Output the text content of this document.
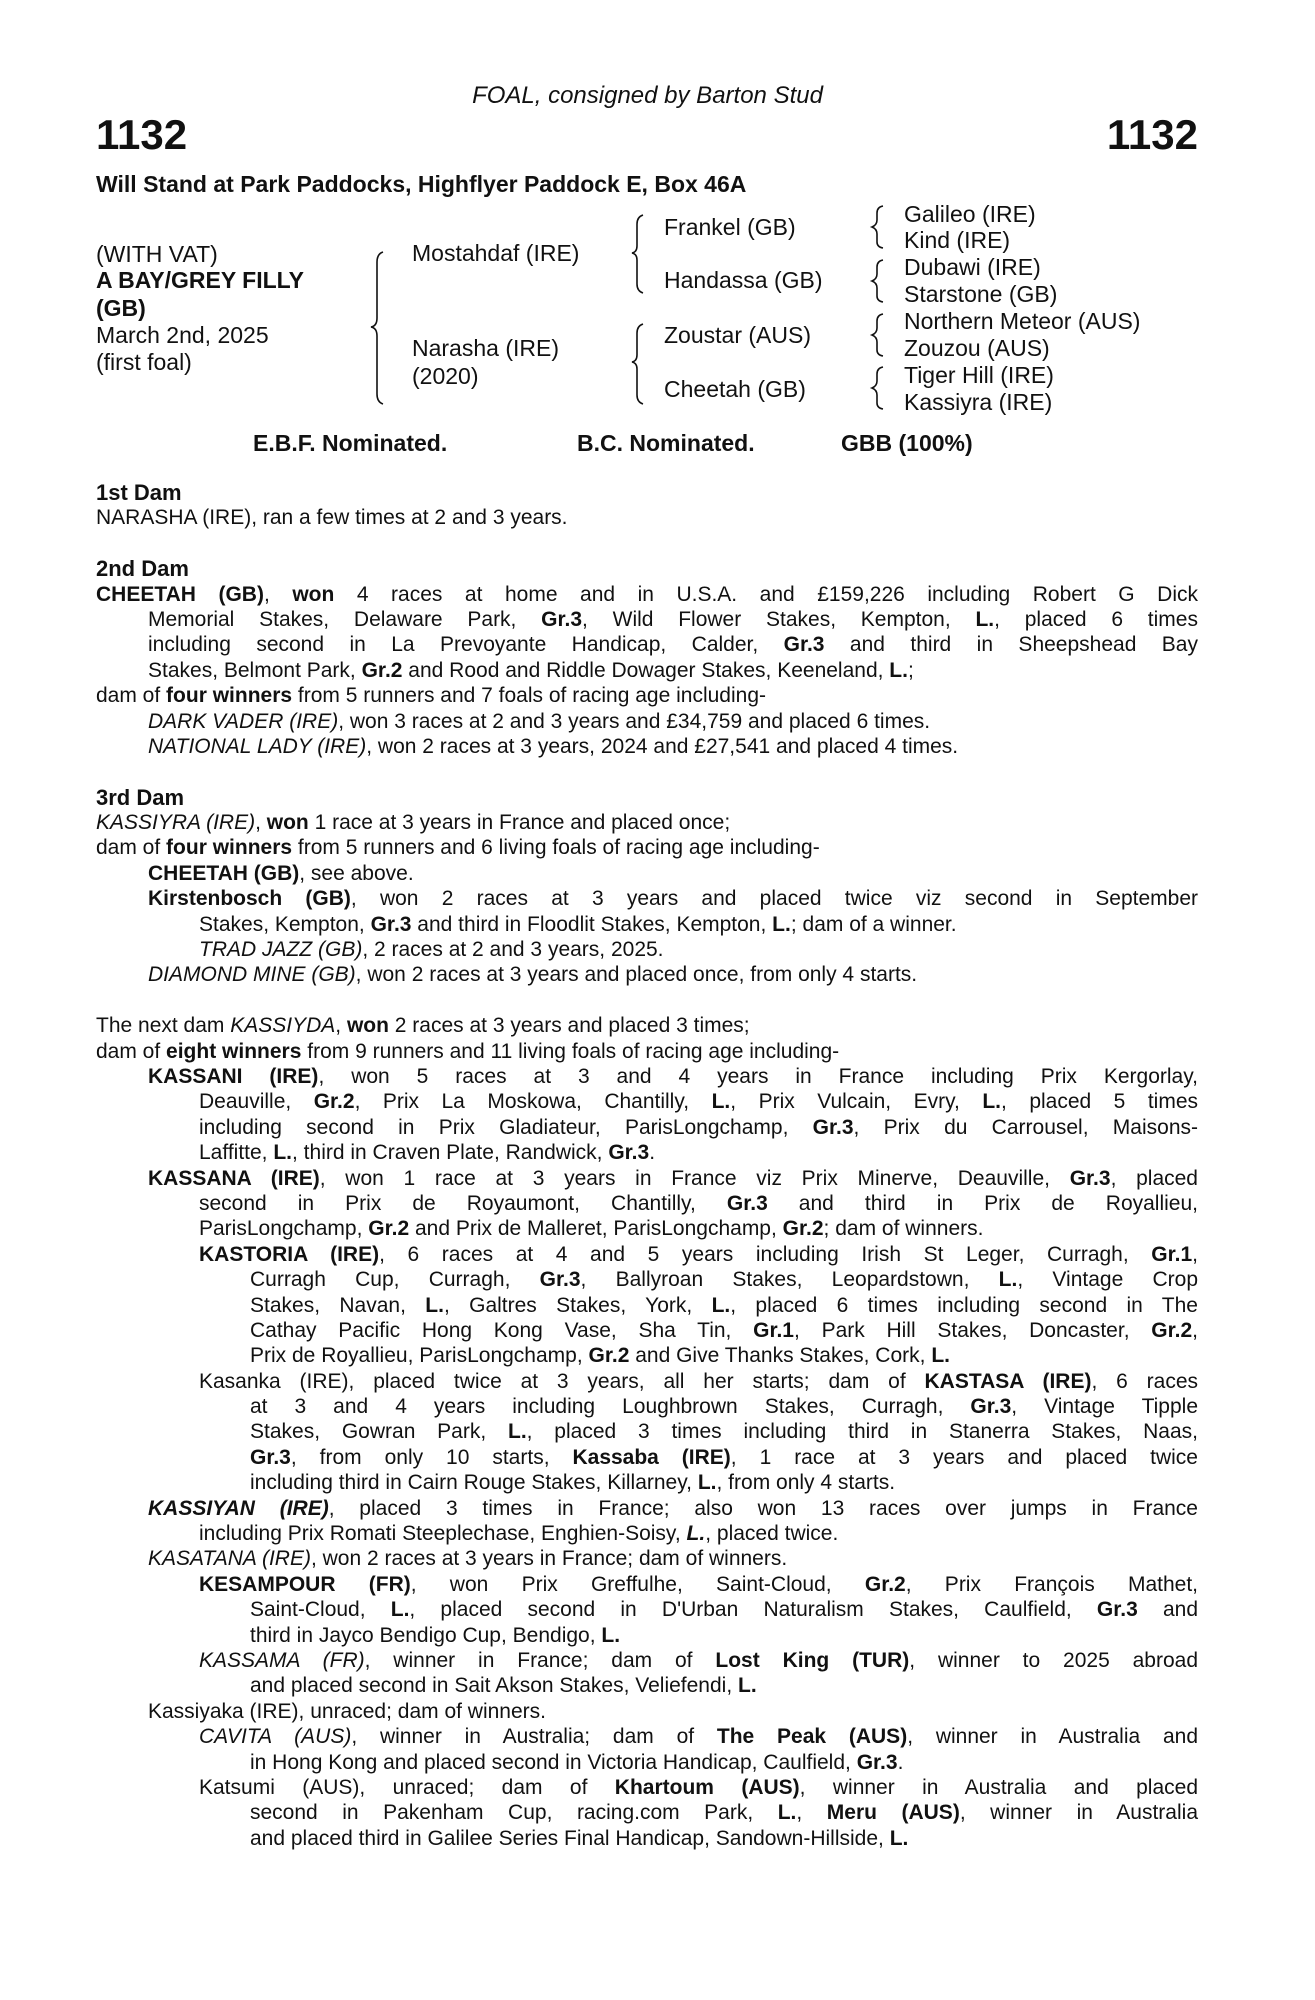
FOAL, consigned by Barton Stud
1132	1132
Will Stand at Park Paddocks, Highflyer Paddock E, Box 46A
(WITH VAT)
A BAY/GREY FILLY
(GB)
March 2nd, 2025
(first foal)
Mostahdaf (IRE)
Narasha (IRE)
(2020)
Frankel (GB)
Handassa (GB)
Zoustar (AUS)
Cheetah (GB)
Galileo (IRE)
Kind (IRE)
Dubawi (IRE)
Starstone (GB)
Northern Meteor (AUS)
Zouzou (AUS)
Tiger Hill (IRE)
Kassiyra (IRE)
E.B.F. Nominated.	B.C. Nominated.	GBB (100%)
1st Dam
NARASHA (IRE), ran a few times at 2 and 3 years.
2nd Dam
CHEETAH (GB), won 4 races at home and in U.S.A. and £159,226 including Robert G Dick
Memorial Stakes, Delaware Park, Gr.3, Wild Flower Stakes, Kempton, L., placed 6 times
including second in La Prevoyante Handicap, Calder, Gr.3 and third in Sheepshead Bay
Stakes, Belmont Park, Gr.2 and Rood and Riddle Dowager Stakes, Keeneland, L.;
dam of four winners from 5 runners and 7 foals of racing age including-
DARK VADER (IRE), won 3 races at 2 and 3 years and £34,759 and placed 6 times.
NATIONAL LADY (IRE), won 2 races at 3 years, 2024 and £27,541 and placed 4 times.
3rd Dam
KASSIYRA (IRE), won 1 race at 3 years in France and placed once;
dam of four winners from 5 runners and 6 living foals of racing age including-
CHEETAH (GB), see above.
Kirstenbosch (GB), won 2 races at 3 years and placed twice viz second in September
Stakes, Kempton, Gr.3 and third in Floodlit Stakes, Kempton, L.; dam of a winner.
TRAD JAZZ (GB), 2 races at 2 and 3 years, 2025.
DIAMOND MINE (GB), won 2 races at 3 years and placed once, from only 4 starts.
The next dam KASSIYDA, won 2 races at 3 years and placed 3 times;
dam of eight winners from 9 runners and 11 living foals of racing age including-
KASSANI (IRE), won 5 races at 3 and 4 years in France including Prix Kergorlay,
Deauville, Gr.2, Prix La Moskowa, Chantilly, L., Prix Vulcain, Evry, L., placed 5 times
including second in Prix Gladiateur, ParisLongchamp, Gr.3, Prix du Carrousel, Maisons-
Laffitte, L., third in Craven Plate, Randwick, Gr.3.
KASSANA (IRE), won 1 race at 3 years in France viz Prix Minerve, Deauville, Gr.3, placed
second in Prix de Royaumont, Chantilly, Gr.3 and third in Prix de Royallieu,
ParisLongchamp, Gr.2 and Prix de Malleret, ParisLongchamp, Gr.2; dam of winners.
KASTORIA (IRE), 6 races at 4 and 5 years including Irish St Leger, Curragh, Gr.1,
Curragh Cup, Curragh, Gr.3, Ballyroan Stakes, Leopardstown, L., Vintage Crop
Stakes, Navan, L., Galtres Stakes, York, L., placed 6 times including second in The
Cathay Pacific Hong Kong Vase, Sha Tin, Gr.1, Park Hill Stakes, Doncaster, Gr.2,
Prix de Royallieu, ParisLongchamp, Gr.2 and Give Thanks Stakes, Cork, L.
Kasanka (IRE), placed twice at 3 years, all her starts; dam of KASTASA (IRE), 6 races
at 3 and 4 years including Loughbrown Stakes, Curragh, Gr.3, Vintage Tipple
Stakes, Gowran Park, L., placed 3 times including third in Stanerra Stakes, Naas,
Gr.3, from only 10 starts, Kassaba (IRE), 1 race at 3 years and placed twice
including third in Cairn Rouge Stakes, Killarney, L., from only 4 starts.
KASSIYAN (IRE), placed 3 times in France; also won 13 races over jumps in France
including Prix Romati Steeplechase, Enghien-Soisy, L., placed twice.
KASATANA (IRE), won 2 races at 3 years in France; dam of winners.
KESAMPOUR (FR), won Prix Greffulhe, Saint-Cloud, Gr.2, Prix François Mathet,
Saint-Cloud, L., placed second in D'Urban Naturalism Stakes, Caulfield, Gr.3 and
third in Jayco Bendigo Cup, Bendigo, L.
KASSAMA (FR), winner in France; dam of Lost King (TUR), winner to 2025 abroad
and placed second in Sait Akson Stakes, Veliefendi, L.
Kassiyaka (IRE), unraced; dam of winners.
CAVITA (AUS), winner in Australia; dam of The Peak (AUS), winner in Australia and
in Hong Kong and placed second in Victoria Handicap, Caulfield, Gr.3.
Katsumi (AUS), unraced; dam of Khartoum (AUS), winner in Australia and placed
second in Pakenham Cup, racing.com Park, L., Meru (AUS), winner in Australia
and placed third in Galilee Series Final Handicap, Sandown-Hillside, L.
